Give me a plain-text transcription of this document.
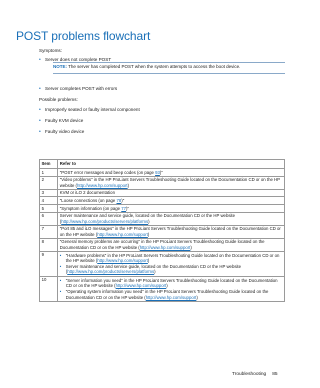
POST problems flowchart
Symptoms:
• Server does not complete POST
NOTE: The server has completed POST when the system attempts to access the boot device.
• Server completes POST with errors
Possible problems:
• Improperly seated or faulty internal component
• Faulty KVM device
• Faulty video device
Item	Refer to
1	"POST error messages and beep codes (on page 93)"
2	"Video problems" in the HP ProLiant Servers Troubleshooting Guide located on the Documentation CD or on the HP website (http://www.hp.com/support)
3	KVM or iLO 2 documentation
4	"Loose connections (on page 78)"
5	"Symptom information (on page 77)"
6	Server maintenance and service guide, located on the Documentation CD or the HP website (http://www.hp.com/products/servers/platforms)
7	"Port 85 and iLO messages" in the HP ProLiant Servers Troubleshooting Guide located on the Documentation CD or on the HP website (http://www.hp.com/support)
8	"General memory problems are occurring" in the HP ProLiant Servers Troubleshooting Guide located on the Documentation CD or on the HP website (http://www.hp.com/support)
9	• "Hardware problems" in the HP ProLiant Servers Troubleshooting Guide located on the Documentation CD or on the HP website (http://www.hp.com/support)
• Server maintenance and service guide, located on the Documentation CD or the HP website (http://www.hp.com/products/servers/platforms)

10	• "Server information you need" in the HP ProLiant Servers Troubleshooting Guide located on the Documentation CD or on the HP website (http://www.hp.com/support)
• "Operating system information you need" in the HP ProLiant Servers Troubleshooting Guide located on the Documentation CD or on the HP website (http://www.hp.com/support)
Troubleshooting 85
